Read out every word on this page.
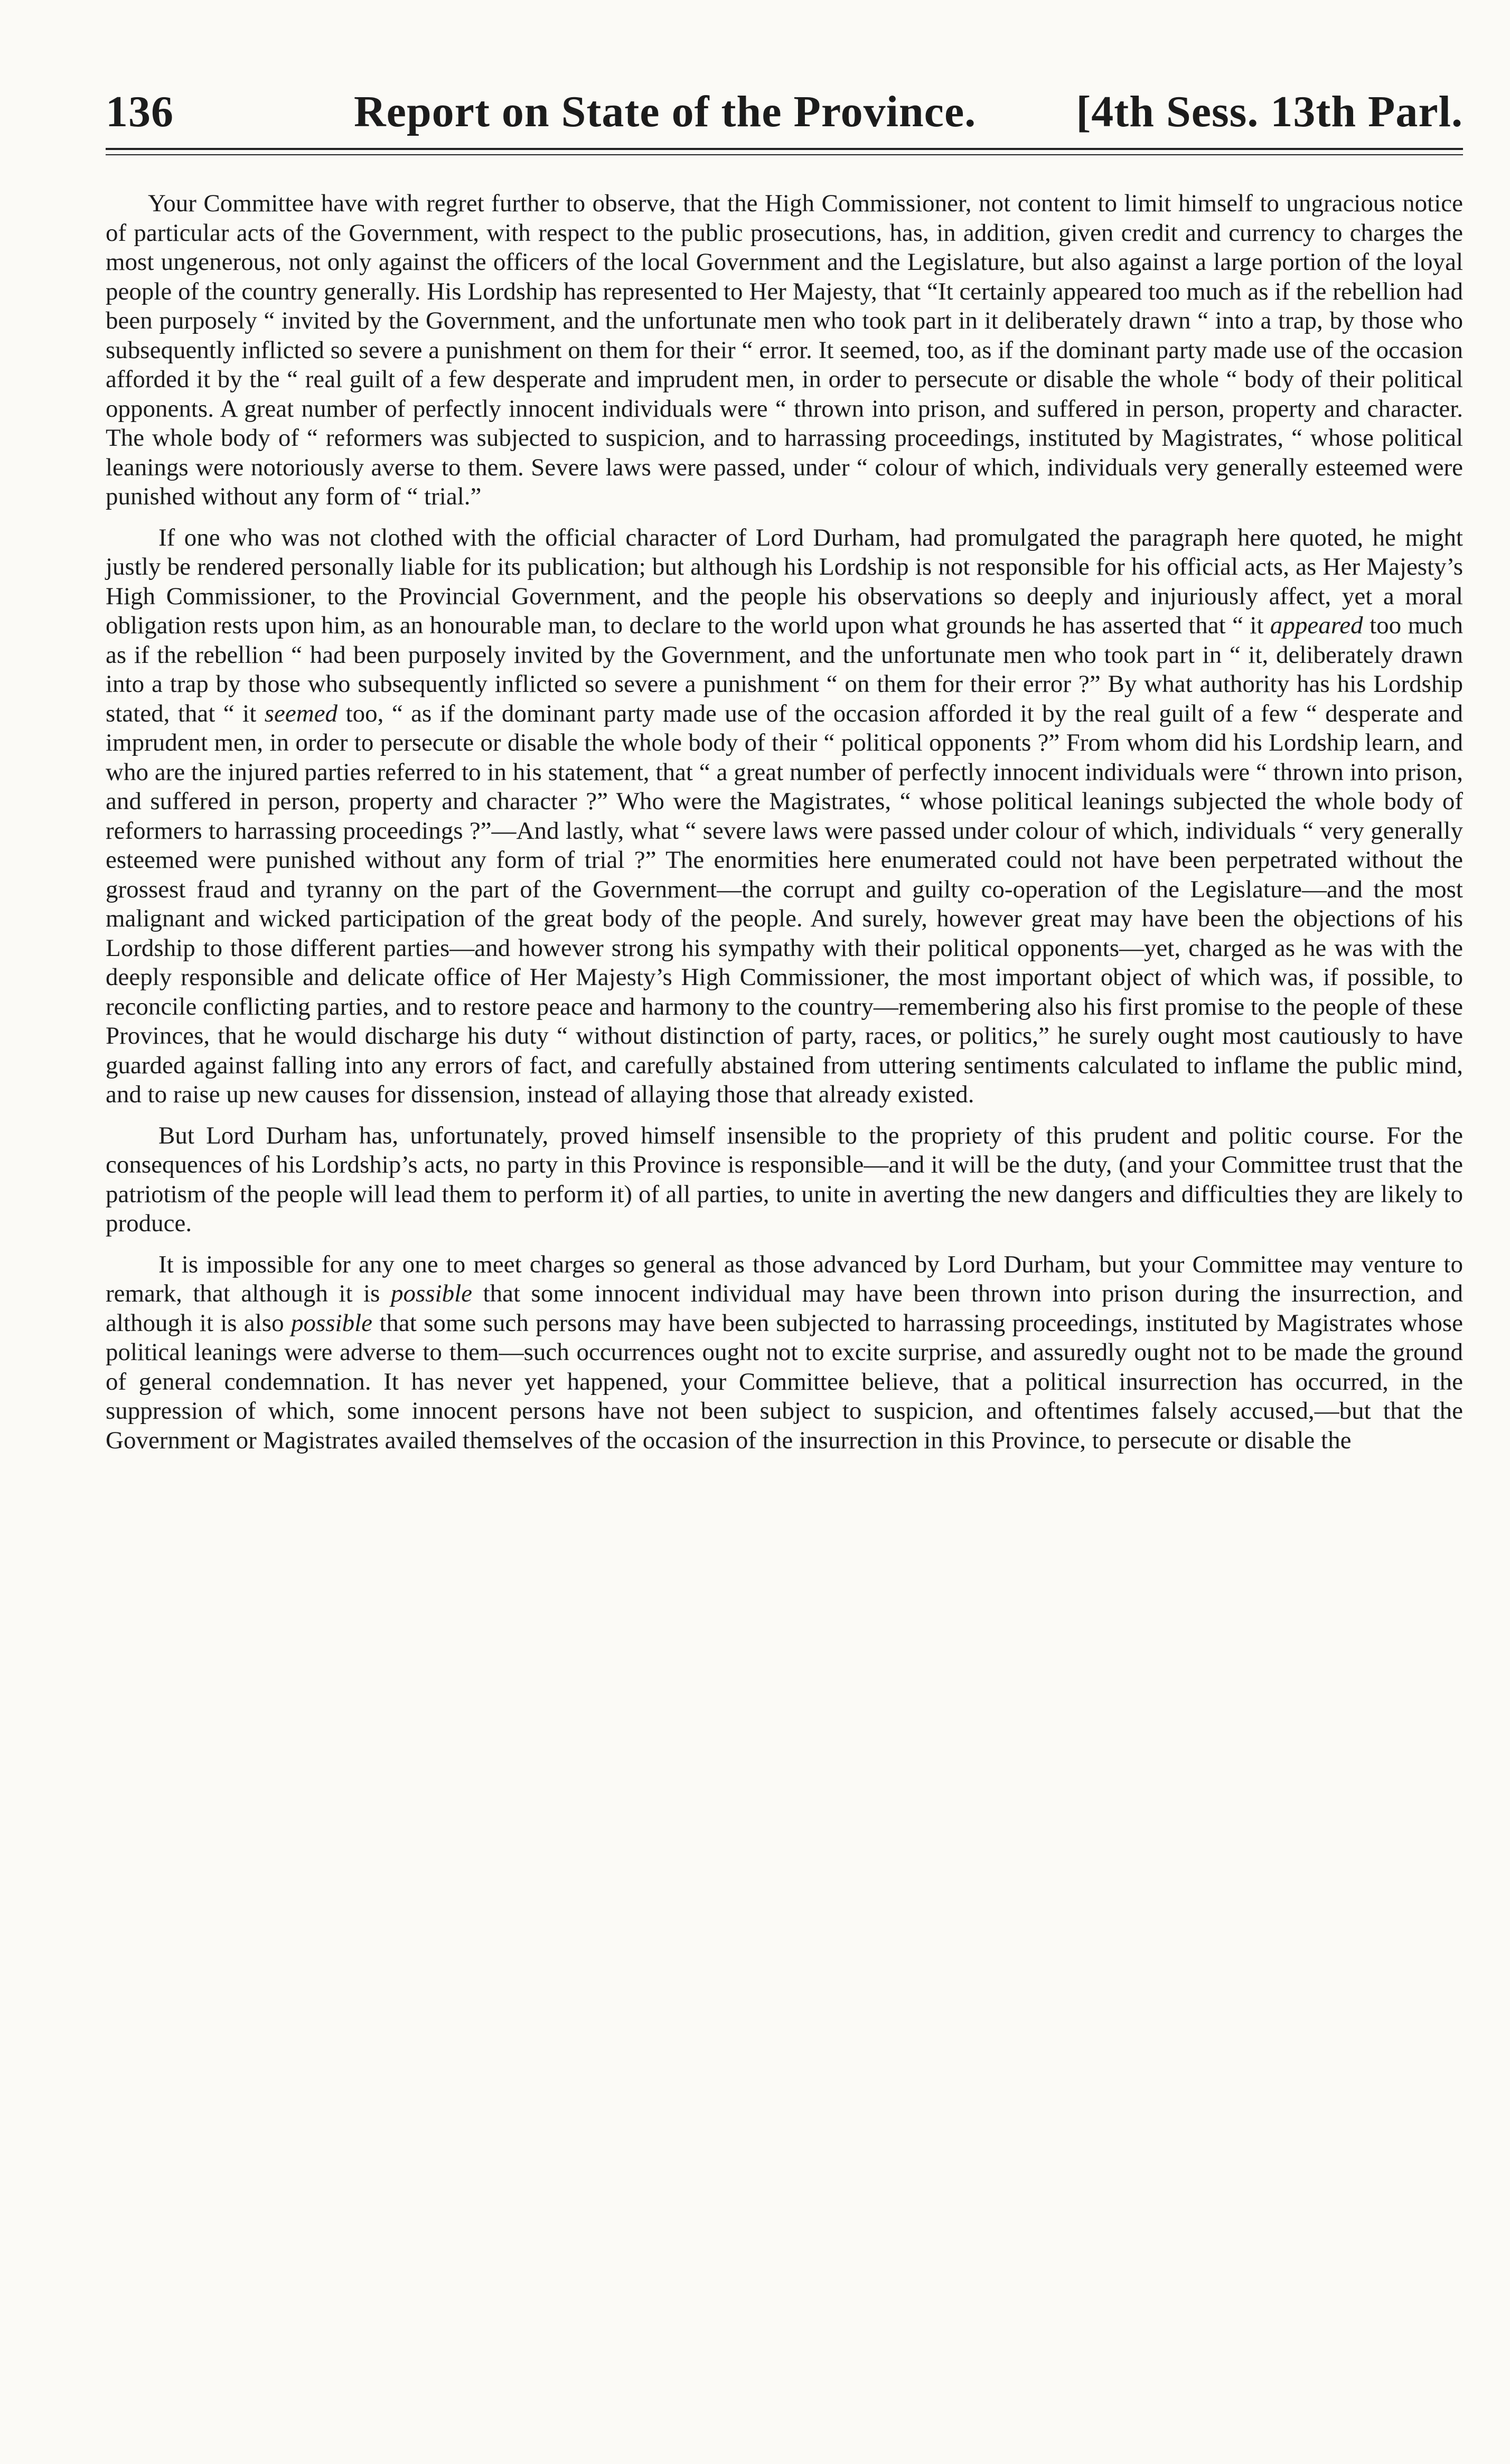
136	Report on State of the Province. [4th Sess. 13th Parl.

Your Committee have with regret further to observe, that the High Commissioner, not content to limit himself to ungracious notice of particular acts of the Government, with respect to the public prosecutions, has, in addition, given credit and currency to charges the most ungenerous, not only against the officers of the local Government and the Legislature, but also against a large portion of the loyal people of the country generally. His Lordship has represented to Her Majesty, that “It certainly appeared too much as if the rebellion had been purposely “ invited by the Government, and the unfortunate men who took part in it deliberately drawn “ into a trap, by those who subsequently inflicted so severe a punishment on them for their “ error. It seemed, too, as if the dominant party made use of the occasion afforded it by the “ real guilt of a few desperate and imprudent men, in order to persecute or disable the whole “ body of their political opponents. A great number of perfectly innocent individuals were “ thrown into prison, and suffered in person, property and character. The whole body of “ reformers was subjected to suspicion, and to harrassing proceedings, instituted by Magistrates, “ whose political leanings were notoriously averse to them. Severe laws were passed, under “ colour of which, individuals very generally esteemed were punished without any form of “ trial.”

If one who was not clothed with the official character of Lord Durham, had promulgated the paragraph here quoted, he might justly be rendered personally liable for its publication; but although his Lordship is not responsible for his official acts, as Her Majesty’s High Commissioner, to the Provincial Government, and the people his observations so deeply and injuriously affect, yet a moral obligation rests upon him, as an honourable man, to declare to the world upon what grounds he has asserted that “ it appeared too much as if the rebellion “ had been purposely invited by the Government, and the unfortunate men who took part in “ it, deliberately drawn into a trap by those who subsequently inflicted so severe a punishment “ on them for their error ?” By what authority has his Lordship stated, that “ it seemed too, “ as if the dominant party made use of the occasion afforded it by the real guilt of a few “ desperate and imprudent men, in order to persecute or disable the whole body of their “ political opponents ?” From whom did his Lordship learn, and who are the injured parties referred to in his statement, that “ a great number of perfectly innocent individuals were “ thrown into prison, and suffered in person, property and character ?” Who were the Magistrates, “ whose political leanings subjected the whole body of reformers to harrassing proceedings ?”—And lastly, what “ severe laws were passed under colour of which, individuals “ very generally esteemed were punished without any form of trial ?” The enormities here enumerated could not have been perpetrated without the grossest fraud and tyranny on the part of the Government—the corrupt and guilty co-operation of the Legislature—and the most malignant and wicked participation of the great body of the people. And surely, however great may have been the objections of his Lordship to those different parties—and however strong his sympathy with their political opponents—yet, charged as he was with the deeply responsible and delicate office of Her Majesty’s High Commissioner, the most important object of which was, if possible, to reconcile conflicting parties, and to restore peace and harmony to the country—remembering also his first promise to the people of these Provinces, that he would discharge his duty “ without distinction of party, races, or politics,” he surely ought most cautiously to have guarded against falling into any errors of fact, and carefully abstained from uttering sentiments calculated to inflame the public mind, and to raise up new causes for dissension, instead of allaying those that already existed.

But Lord Durham has, unfortunately, proved himself insensible to the propriety of this prudent and politic course. For the consequences of his Lordship’s acts, no party in this Province is responsible—and it will be the duty, (and your Committee trust that the patriotism of the people will lead them to perform it) of all parties, to unite in averting the new dangers and difficulties they are likely to produce.

It is impossible for any one to meet charges so general as those advanced by Lord Durham, but your Committee may venture to remark, that although it is possible that some innocent individual may have been thrown into prison during the insurrection, and although it is also possible that some such persons may have been subjected to harrassing proceedings, instituted by Magistrates whose political leanings were adverse to them—such occurrences ought not to excite surprise, and assuredly ought not to be made the ground of general condemnation. It has never yet happened, your Committee believe, that a political insurrection has occurred, in the suppression of which, some innocent persons have not been subject to suspicion, and oftentimes falsely accused,—but that the Government or Magistrates availed themselves of the occasion of the insurrection in this Province, to persecute or disable the
